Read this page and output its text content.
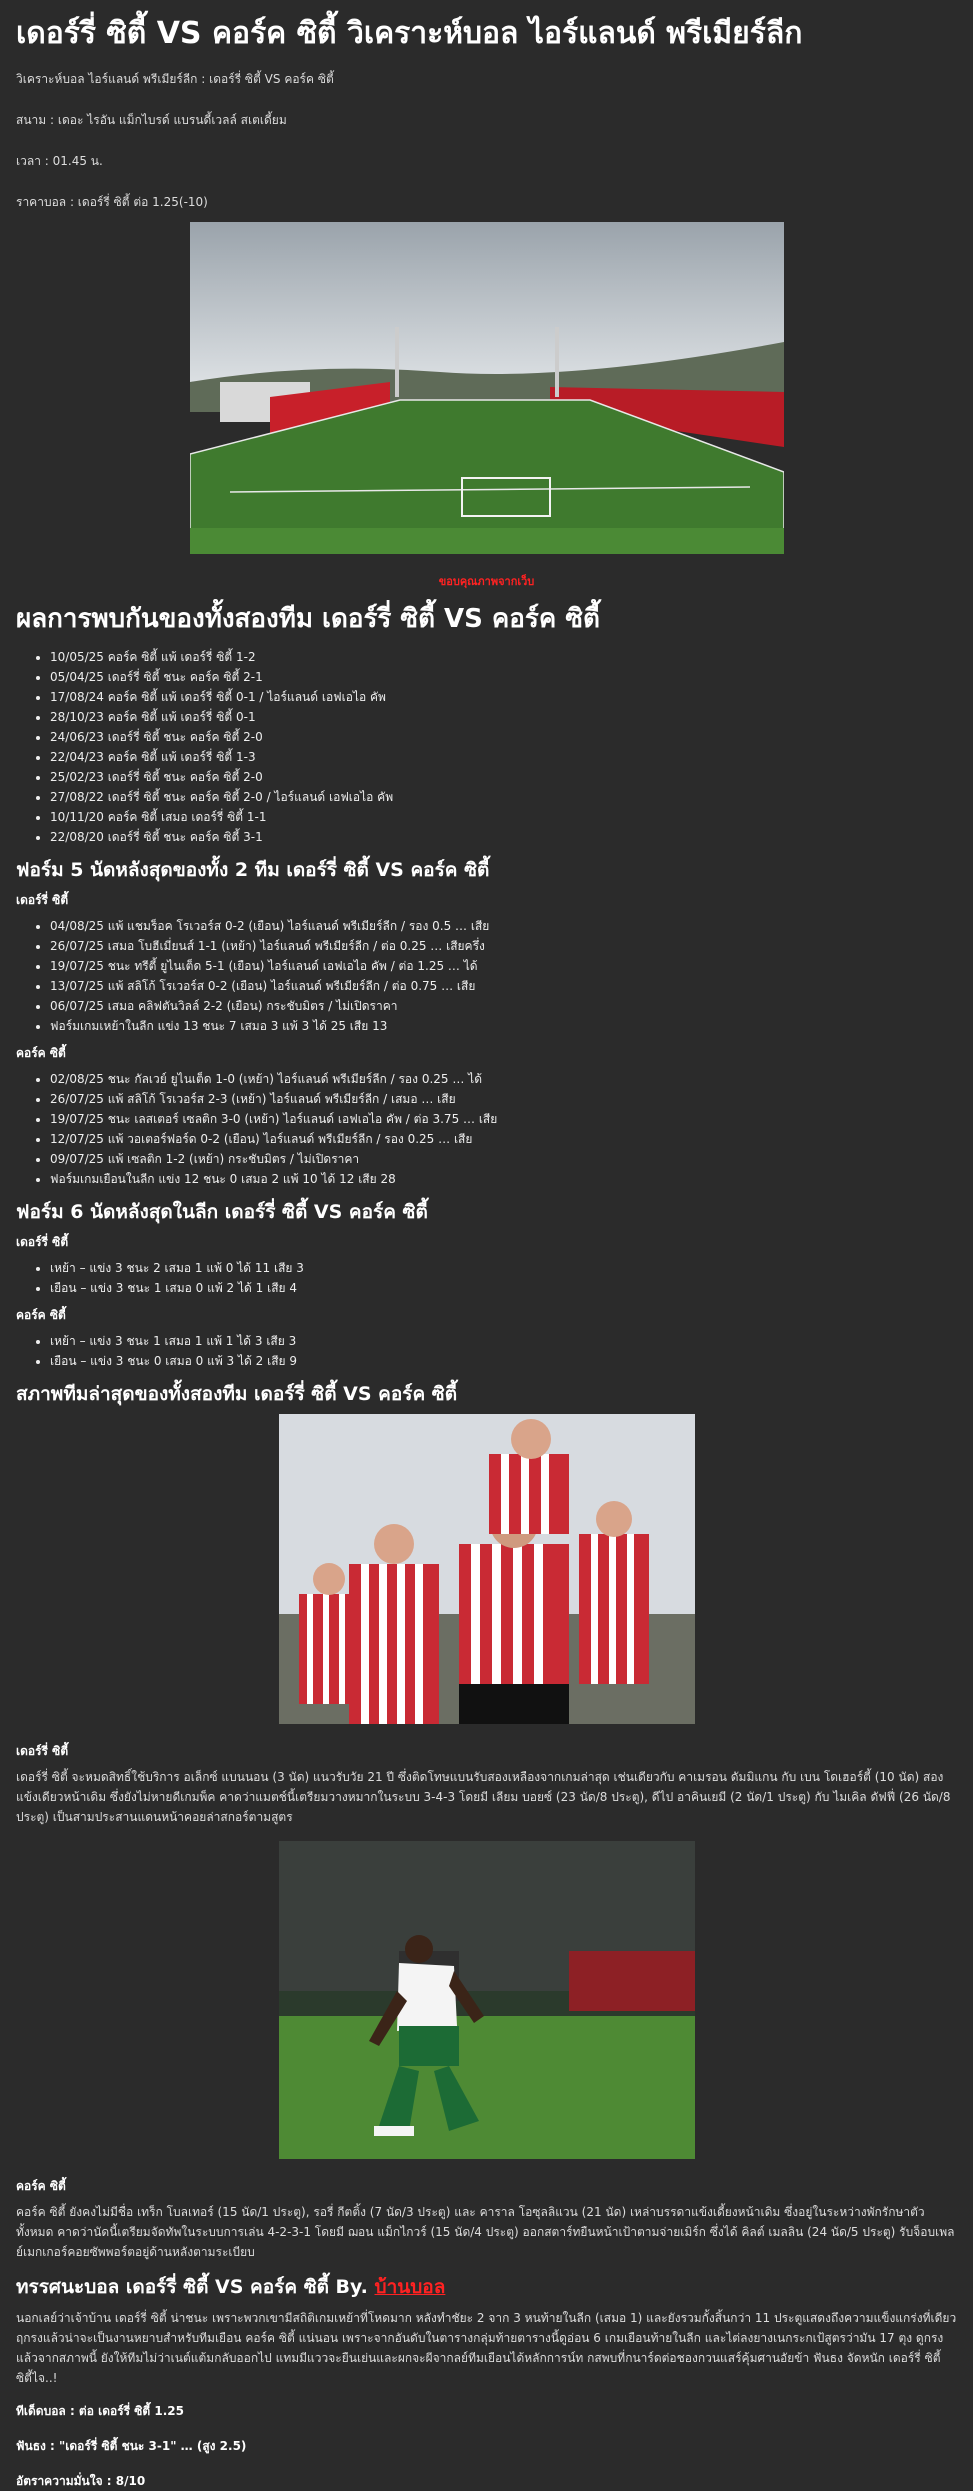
เดอร์รี่ ซิตี้ VS คอร์ค ซิตี้ วิเคราะห์บอล ไอร์แลนด์ พรีเมียร์ลีก

วิเคราะห์บอล ไอร์แลนด์ พรีเมียร์ลีก : เดอร์รี่ ซิตี้ VS คอร์ค ซิตี้

สนาม : เดอะ ไรอัน แม็กไบรด์ แบรนดี้เวลล์ สเตเดี้ยม

เวลา : 01.45 น.

ราคาบอล : เดอร์รี่ ซิตี้ ต่อ 1.25(-10)

ขอบคุณภาพจากเว็บ
ผลการพบกันของทั้งสองทีม เดอร์รี่ ซิตี้ VS คอร์ค ซิตี้
• 10/05/25 คอร์ค ซิตี้ แพ้ เดอร์รี่ ซิตี้ 1-2
• 05/04/25 เดอร์รี่ ซิตี้ ชนะ คอร์ค ซิตี้ 2-1
• 17/08/24 คอร์ค ซิตี้ แพ้ เดอร์รี่ ซิตี้ 0-1 / ไอร์แลนด์ เอฟเอไอ คัพ
• 28/10/23 คอร์ค ซิตี้ แพ้ เดอร์รี่ ซิตี้ 0-1
• 24/06/23 เดอร์รี่ ซิตี้ ชนะ คอร์ค ซิตี้ 2-0
• 22/04/23 คอร์ค ซิตี้ แพ้ เดอร์รี่ ซิตี้ 1-3
• 25/02/23 เดอร์รี่ ซิตี้ ชนะ คอร์ค ซิตี้ 2-0
• 27/08/22 เดอร์รี่ ซิตี้ ชนะ คอร์ค ซิตี้ 2-0 / ไอร์แลนด์ เอฟเอไอ คัพ
• 10/11/20 คอร์ค ซิตี้ เสมอ เดอร์รี่ ซิตี้ 1-1
• 22/08/20 เดอร์รี่ ซิตี้ ชนะ คอร์ค ซิตี้ 3-1
ฟอร์ม 5 นัดหลังสุดของทั้ง 2 ทีม เดอร์รี่ ซิตี้ VS คอร์ค ซิตี้
เดอร์รี่ ซิตี้
• 04/08/25 แพ้ แชมร็อค โรเวอร์ส 0-2 (เยือน) ไอร์แลนด์ พรีเมียร์ลีก / รอง 0.5 … เสีย
• 26/07/25 เสมอ โบฮีเมี่ยนส์ 1-1 (เหย้า) ไอร์แลนด์ พรีเมียร์ลีก / ต่อ 0.25 … เสียครึ่ง
• 19/07/25 ชนะ ทรีตี้ ยูไนเต็ด 5-1 (เยือน) ไอร์แลนด์ เอฟเอไอ คัพ / ต่อ 1.25 … ได้
• 13/07/25 แพ้ สลิโก้ โรเวอร์ส 0-2 (เยือน) ไอร์แลนด์ พรีเมียร์ลีก / ต่อ 0.75 … เสีย
• 06/07/25 เสมอ คลิฟตันวิลล์ 2-2 (เยือน) กระชับมิตร / ไม่เปิดราคา
• ฟอร์มเกมเหย้าในลีก แข่ง 13 ชนะ 7 เสมอ 3 แพ้ 3 ได้ 25 เสีย 13
คอร์ค ซิตี้
• 02/08/25 ชนะ กัลเวย์ ยูไนเต็ด 1-0 (เหย้า) ไอร์แลนด์ พรีเมียร์ลีก / รอง 0.25 … ได้
• 26/07/25 แพ้ สลิโก้ โรเวอร์ส 2-3 (เหย้า) ไอร์แลนด์ พรีเมียร์ลีก / เสมอ … เสีย
• 19/07/25 ชนะ เลสเตอร์ เซลติก 3-0 (เหย้า) ไอร์แลนด์ เอฟเอไอ คัพ / ต่อ 3.75 … เสีย
• 12/07/25 แพ้ วอเตอร์ฟอร์ด 0-2 (เยือน) ไอร์แลนด์ พรีเมียร์ลีก / รอง 0.25 … เสีย
• 09/07/25 แพ้ เซลติก 1-2 (เหย้า) กระชับมิตร / ไม่เปิดราคา
• ฟอร์มเกมเยือนในลีก แข่ง 12 ชนะ 0 เสมอ 2 แพ้ 10 ได้ 12 เสีย 28
ฟอร์ม 6 นัดหลังสุดในลีก เดอร์รี่ ซิตี้ VS คอร์ค ซิตี้
เดอร์รี่ ซิตี้
• เหย้า – แข่ง 3 ชนะ 2 เสมอ 1 แพ้ 0 ได้ 11 เสีย 3
• เยือน – แข่ง 3 ชนะ 1 เสมอ 0 แพ้ 2 ได้ 1 เสีย 4
คอร์ค ซิตี้
• เหย้า – แข่ง 3 ชนะ 1 เสมอ 1 แพ้ 1 ได้ 3 เสีย 3
• เยือน – แข่ง 3 ชนะ 0 เสมอ 0 แพ้ 3 ได้ 2 เสีย 9
สภาพทีมล่าสุดของทั้งสองทีม เดอร์รี่ ซิตี้ VS คอร์ค ซิตี้
เดอร์รี่ ซิตี้

เดอร์รี่ ซิตี้ จะหมดสิทธิ์ใช้บริการ อเล็กซ์ แบนนอน (3 นัด) แนวรับวัย 21 ปี ซึ่งติดโทษแบนรับสองเหลืองจากเกมล่าสุด เช่นเดียวกับ คาเมรอน ดัมมิแกน กับ เบน โดเฮอร์ตี้ (10 นัด) สองแข้งเดียวหน้าเดิม ซึ่งยังไม่หายดีเกมพ็ค คาดว่าแมตช์นี้เตรียมวางหมากในระบบ 3-4-3 โดยมี เลียม บอยซ์ (23 นัด/8 ประตู), ดีไป อาคินเยมี (2 นัด/1 ประตู) กับ ไมเคิล ดัฟฟี่ (26 นัด/8 ประตู) เป็นสามประสานแดนหน้าคอยล่าสกอร์ตามสูตร

คอร์ค ซิตี้

คอร์ค ซิตี้ ยังคงไม่มีชื่อ เทร็ก โบลเทอร์ (15 นัด/1 ประตู), รอรี่ กีตติ้ง (7 นัด/3 ประตู) และ คาราล โอซุลลิแวน (21 นัด) เหล่าบรรดาแข้งเดี้ยงหน้าเดิม ซึ่งอยู่ในระหว่างพักรักษาตัวทั้งหมด คาดว่านัดนี้เตรียมจัดทัพในระบบการเล่น 4-2-3-1 โดยมี ฌอน แม็กไกวร์ (15 นัด/4 ประตู) ออกสตาร์ทยืนหน้าเป้าตามจ่ายเมิร์ก ซึ่งได้ คิลต์ เมลลิน (24 นัด/5 ประตู) รับจ็อบเพลย์เมกเกอร์คอยซัพพอร์ตอยู่ด้านหลังตามระเบียบ

ทรรศนะบอล เดอร์รี่ ซิตี้ VS คอร์ค ซิตี้ By. บ้านบอล

นอกเลย์ว่าเจ้าบ้าน เดอร์รี่ ซิตี้ น่าชนะ เพราะพวกเขามีสถิติเกมเหย้าที่โหดมาก หลังทำชัยะ 2 จาก 3 หนท้ายในลีก (เสมอ 1) และยังรวมกั้งสิ้นกว่า 11 ประตูแสดงถึงความแข็งแกร่งที่เดียว ฤกรงแล้วน่าจะเป็นงานหยาบสำหรับทีมเยือน คอร์ค ซิตี้ แน่นอน เพราะจากอันดับในตารางกลุ่มท้ายตารางนี้ดูอ่อน 6 เกมเยือนท้ายในลีก และไต่ลงยางเนกระกเป้สูตรว่ามัน 17 ตุง ดูกรงแล้วจากสภาพนี้ ยังให้ทีมไม่ว่าเนต์แต้มกลับออกไป แทมมีแววจะยืนเย่นและผกจะผีจากลย์ทีมเยือนได้หลักการน์ท กสพบที่กนาร์ดต่อชองกวนแสร์คุ้มศานอัยข้า ฟันธง จัดหนัก เดอร์รี่ ซิตี้ ซิตี้ไจ..!

ทีเด็ดบอล : ต่อ เดอร์รี่ ซิตี้ 1.25

ฟันธง : "เดอร์รี่ ซิตี้ ชนะ 3-1" … (สูง 2.5)

อัตราความมั่นใจ : 8/10
